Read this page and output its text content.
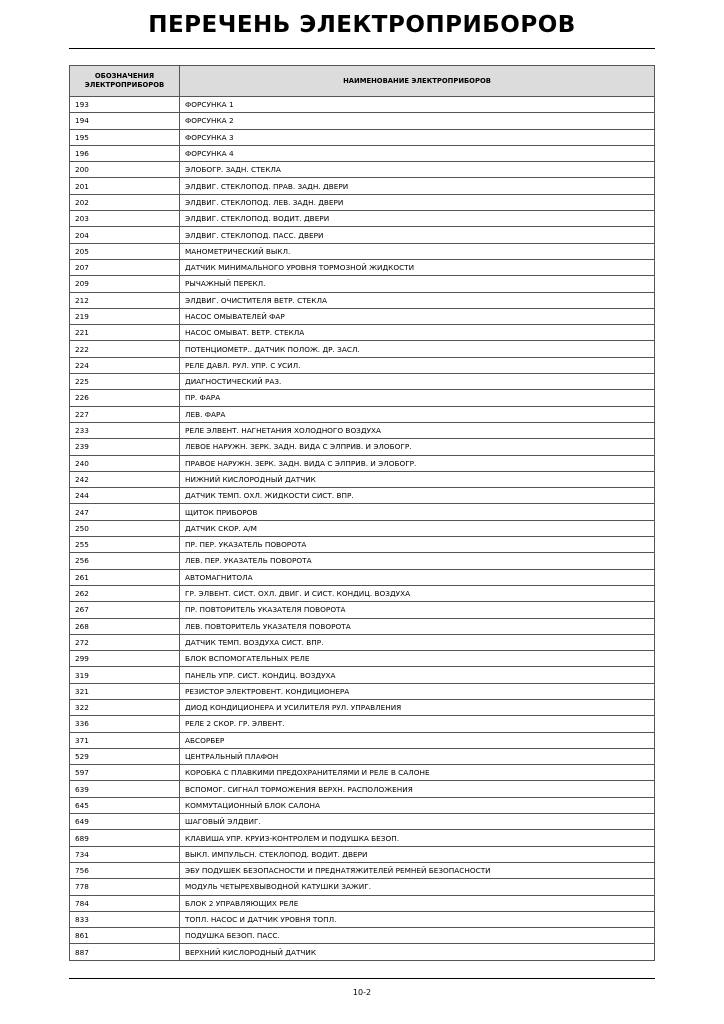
ПЕРЕЧЕНЬ ЭЛЕКТРОПРИБОРОВ
ОБОЗНАЧЕНИЯ ЭЛЕКТРОПРИБОРОВ	НАИМЕНОВАНИЕ ЭЛЕКТРОПРИБОРОВ
193	ФОРСУНКА 1
194	ФОРСУНКА 2
195	ФОРСУНКА 3
196	ФОРСУНКА 4
200	ЭЛОБОГР. ЗАДН. СТЕКЛА
201	ЭЛДВИГ. СТЕКЛОПОД. ПРАВ. ЗАДН. ДВЕРИ
202	ЭЛДВИГ. СТЕКЛОПОД. ЛЕВ. ЗАДН. ДВЕРИ
203	ЭЛДВИГ. СТЕКЛОПОД. ВОДИТ. ДВЕРИ
204	ЭЛДВИГ. СТЕКЛОПОД. ПАСС. ДВЕРИ
205	МАНОМЕТРИЧЕСКИЙ ВЫКЛ.
207	ДАТЧИК МИНИМАЛЬНОГО УРОВНЯ ТОРМОЗНОЙ ЖИДКОСТИ
209	РЫЧАЖНЫЙ ПЕРЕКЛ.
212	ЭЛДВИГ. ОЧИСТИТЕЛЯ ВЕТР. СТЕКЛА
219	НАСОС ОМЫВАТЕЛЕЙ ФАР
221	НАСОС ОМЫВАТ. ВЕТР. СТЕКЛА
222	ПОТЕНЦИОМЕТР.. ДАТЧИК ПОЛОЖ. ДР. ЗАСЛ.
224	РЕЛЕ ДАВЛ. РУЛ. УПР. С УСИЛ.
225	ДИАГНОСТИЧЕСКИЙ РАЗ.
226	ПР. ФАРА
227	ЛЕВ. ФАРА
233	РЕЛЕ ЭЛВЕНТ. НАГНЕТАНИЯ ХОЛОДНОГО ВОЗДУХА
239	ЛЕВОЕ НАРУЖН. ЗЕРК. ЗАДН. ВИДА С ЭЛПРИВ. И ЭЛОБОГР.
240	ПРАВОЕ НАРУЖН. ЗЕРК. ЗАДН. ВИДА С ЭЛПРИВ. И ЭЛОБОГР.
242	НИЖНИЙ КИСЛОРОДНЫЙ ДАТЧИК
244	ДАТЧИК ТЕМП. ОХЛ. ЖИДКОСТИ СИСТ. ВПР.
247	ЩИТОК ПРИБОРОВ
250	ДАТЧИК СКОР. А/М
255	ПР. ПЕР. УКАЗАТЕЛЬ ПОВОРОТА
256	ЛЕВ. ПЕР. УКАЗАТЕЛЬ ПОВОРОТА
261	АВТОМАГНИТОЛА
262	ГР. ЭЛВЕНТ. СИСТ. ОХЛ. ДВИГ. И СИСТ. КОНДИЦ. ВОЗДУХА
267	ПР. ПОВТОРИТЕЛЬ УКАЗАТЕЛЯ ПОВОРОТА
268	ЛЕВ. ПОВТОРИТЕЛЬ УКАЗАТЕЛЯ ПОВОРОТА
272	ДАТЧИК ТЕМП. ВОЗДУХА СИСТ. ВПР.
299	БЛОК ВСПОМОГАТЕЛЬНЫХ РЕЛЕ
319	ПАНЕЛЬ УПР. СИСТ. КОНДИЦ. ВОЗДУХА
321	РЕЗИСТОР ЭЛЕКТРОВЕНТ. КОНДИЦИОНЕРА
322	ДИОД КОНДИЦИОНЕРА И УСИЛИТЕЛЯ РУЛ. УПРАВЛЕНИЯ
336	РЕЛЕ 2 СКОР. ГР. ЭЛВЕНТ.
371	АБСОРБЕР
529	ЦЕНТРАЛЬНЫЙ ПЛАФОН
597	КОРОБКА С ПЛАВКИМИ ПРЕДОХРАНИТЕЛЯМИ И РЕЛЕ В САЛОНЕ
639	ВСПОМОГ. СИГНАЛ ТОРМОЖЕНИЯ ВЕРХН. РАСПОЛОЖЕНИЯ
645	КОММУТАЦИОННЫЙ БЛОК САЛОНА
649	ШАГОВЫЙ ЭЛДВИГ.
689	КЛАВИША УПР. КРУИЗ-КОНТРОЛЕМ И ПОДУШКА БЕЗОП.
734	ВЫКЛ. ИМПУЛЬСН. СТЕКЛОПОД. ВОДИТ. ДВЕРИ
756	ЭБУ ПОДУШЕК БЕЗОПАСНОСТИ И ПРЕДНАТЯЖИТЕЛЕЙ РЕМНЕЙ БЕЗОПАСНОСТИ
778	МОДУЛЬ ЧЕТЫРЕХВЫВОДНОЙ КАТУШКИ ЗАЖИГ.
784	БЛОК 2 УПРАВЛЯЮЩИХ РЕЛЕ
833	ТОПЛ. НАСОС И ДАТЧИК УРОВНЯ ТОПЛ.
861	ПОДУШКА БЕЗОП. ПАСС.
887	ВЕРХНИЙ КИСЛОРОДНЫЙ ДАТЧИК
10-2
